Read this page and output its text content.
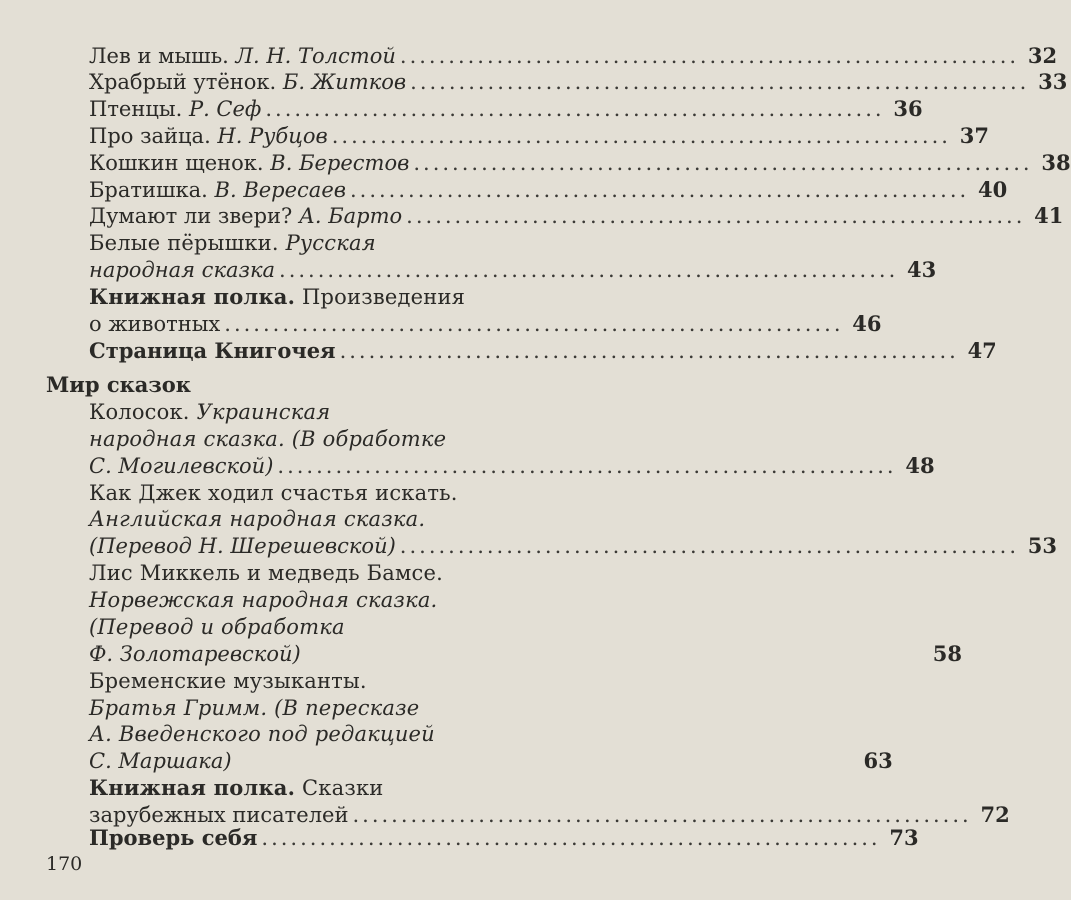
Лев и мышь. Л. Н. Толстой ................................................................ 32
Храбрый утёнок. Б. Житков ................................................................ 33
Птенцы. Р. Сеф ................................................................ 36
Про зайца. Н. Рубцов ................................................................ 37
Кошкин щенок. В. Берестов ................................................................ 38
Братишка. В. Вересаев ................................................................ 40
Думают ли звери? А. Барто ................................................................ 41
Белые пёрышки. Русская
народная сказка ................................................................ 43
Книжная полка. Произведения
о животных ................................................................ 46
Страница Книгочея ................................................................ 47
Мир сказок
Колосок. Украинская
народная сказка. (В обработке
С. Могилевской) ................................................................ 48
Как Джек ходил счастья искать.
Английская народная сказка.
(Перевод Н. Шерешевской) ................................................................ 53
Лис Миккель и медведь Бамсе.
Норвежская народная сказка.
(Перевод и обработка
Ф. Золотаревской)	58
Бременские музыканты.
Братья Гримм. (В пересказе
А. Введенского под редакцией
С. Маршака)	63
Книжная полка. Сказки
зарубежных писателей ................................................................ 72
Проверь себя ................................................................ 73
170
